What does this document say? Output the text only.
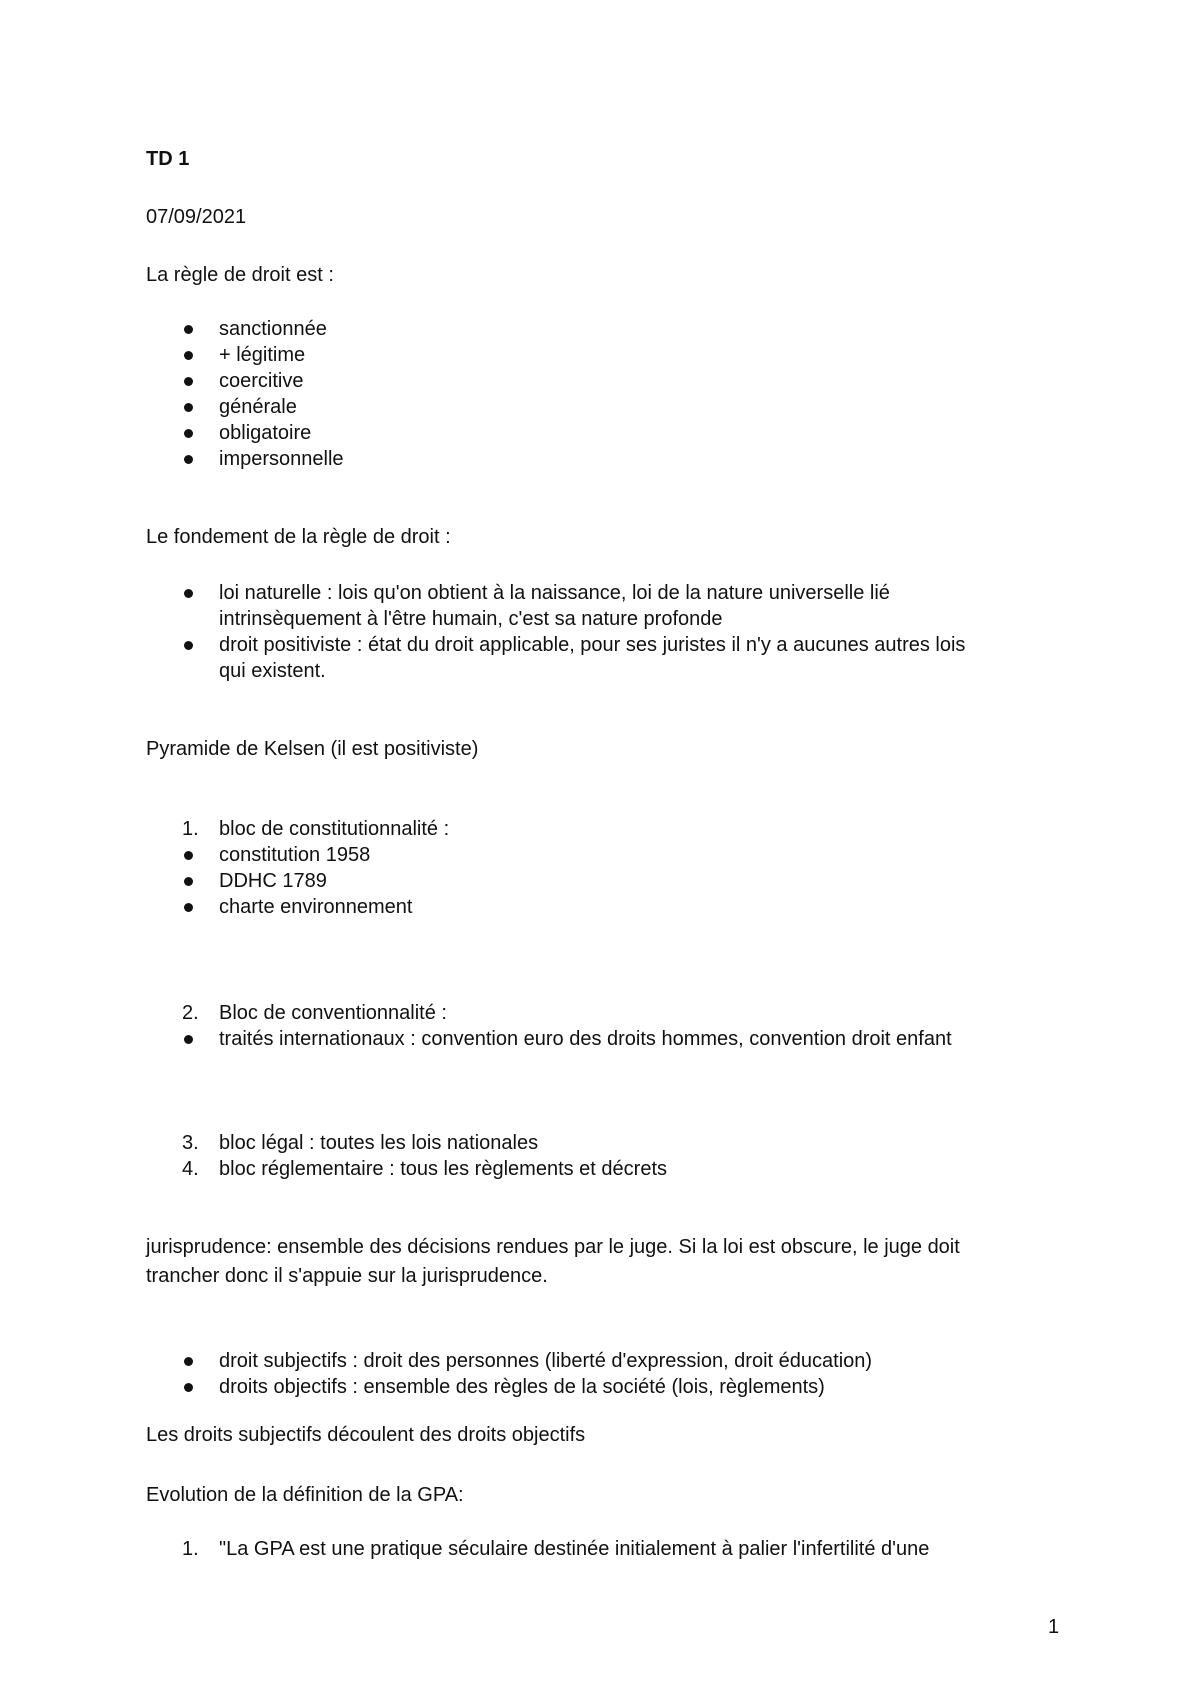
TD 1
07/09/2021
La règle de droit est :
sanctionnée
+ légitime
coercitive
générale
obligatoire
impersonnelle
Le fondement de la règle de droit :
loi naturelle : lois qu'on obtient à la naissance, loi de la nature universelle lié
intrinsèquement à l'être humain, c'est sa nature profonde
droit positiviste : état du droit applicable, pour ses juristes il n'y a aucunes autres lois
qui existent.
Pyramide de Kelsen (il est positiviste)
1.	bloc de constitutionnalité :
constitution 1958
DDHC 1789
charte environnement
2.	Bloc de conventionnalité :
traités internationaux : convention euro des droits hommes, convention droit enfant
3.	bloc légal : toutes les lois nationales
4.	bloc réglementaire : tous les règlements et décrets
jurisprudence: ensemble des décisions rendues par le juge. Si la loi est obscure, le juge doit
trancher donc il s'appuie sur la jurisprudence.
droit subjectifs : droit des personnes (liberté d'expression, droit éducation)
droits objectifs : ensemble des règles de la société (lois, règlements)
Les droits subjectifs découlent des droits objectifs
Evolution de la définition de la GPA:
1.	"La GPA est une pratique séculaire destinée initialement à palier l'infertilité d'une
1
